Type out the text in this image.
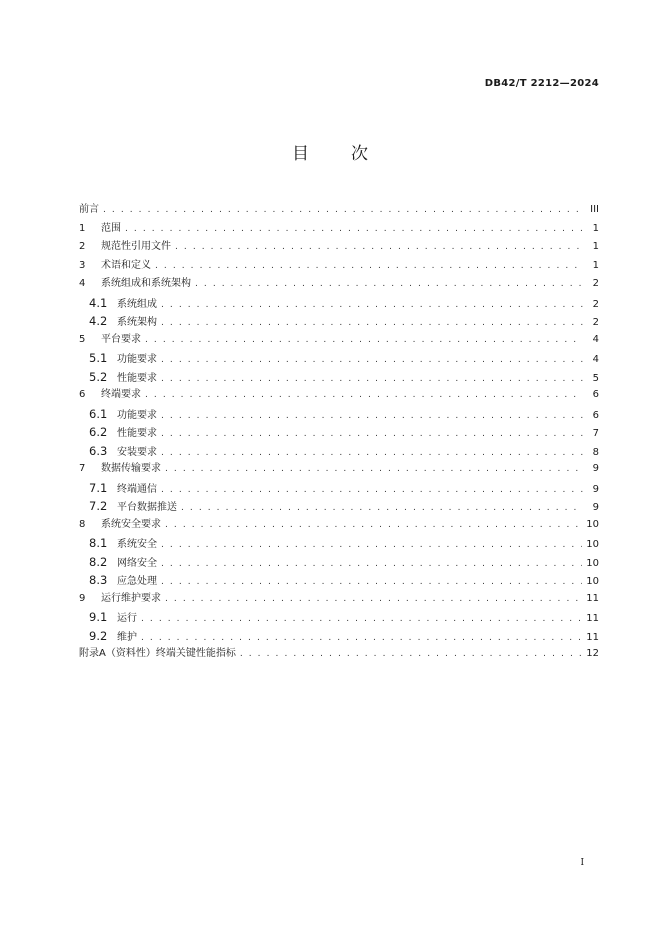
DB42/T 2212—2024
目 次
前言 . . .	III
1	范围 . . .	1
2	规范性引用文件 . . .	1
3	术语和定义 . . .	1
4	系统组成和系统架构 . . .	2
4.1 系统组成 . . .	2
4.2 系统架构 . . .	2
5	平台要求 . . .	4
5.1 功能要求 . . .	4
5.2 性能要求 . . .	5
6	终端要求 . . .	6
6.1 功能要求 . . .	6
6.2 性能要求 . . .	7
6.3 安装要求 . . .	8
7	数据传输要求 . . .	9
7.1 终端通信 . . .	9
7.2 平台数据推送 . . .	9
8	系统安全要求 . . .	10
8.1 系统安全 . . .	10
8.2 网络安全 . . .	10
8.3 应急处理 . . .	10
9	运行维护要求 . . .	11
9.1 运行 . . .	11
9.2 维护 . . .	11
附录A（资料性）终端关键性能指标 . . .	12
I
